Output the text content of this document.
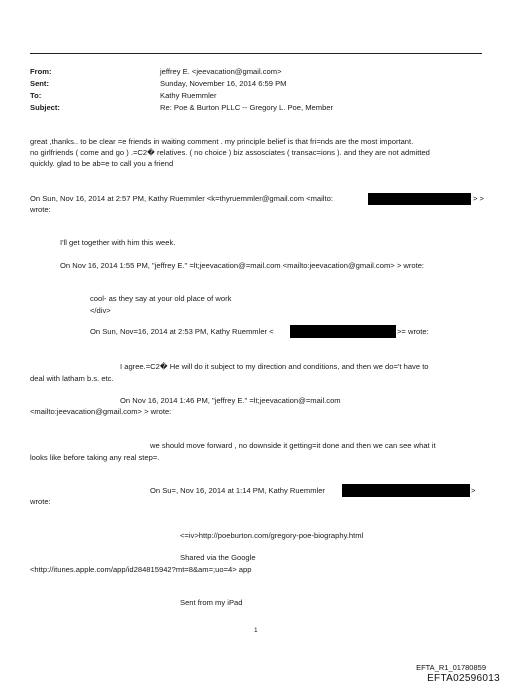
From:	jeffrey E. <jeevacation@gmail.com>
Sent:	Sunday, November 16, 2014 6:59 PM
To:	Kathy Ruemmler
Subject:	Re: Poe & Burton PLLC -- Gregory L. Poe, Member
great ,thanks.. to be clear =e friends in waiting comment . my principle belief is that fri=nds are the most important.
no girlfriends ( come and go ) .=C2� relatives. ( no choice ) biz assosciates ( transac=ions ). and they are not admitted
quickly. glad to be ab=e to call you a friend
On Sun, Nov 16, 2014 at 2:57 PM, Kathy Ruemmler <k=thyruemmler@gmail.com <mailto:	> >
wrote:
I'll get together with him this week.
On Nov 16, 2014 1:55 PM, "jeffrey E." =lt;jeevacation@=mail.com <mailto:jeevacation@gmail.com> > wrote:
cool- as they say at your old place of work
</div>
On Sun, Nov=16, 2014 at 2:53 PM, Kathy Ruemmler <	>= wrote:
I agree.=C2� He will do it subject to my direction and conditions, and then we do='t have to
deal with latham b.s. etc.
On Nov 16, 2014 1:46 PM, "jeffrey E." =lt;jeevacation@=mail.com
<mailto:jeevacation@gmail.com> > wrote:
we should move forward , no downside it getting=it done and then we can see what it
looks like before taking any real step=.
On Su=, Nov 16, 2014 at 1:14 PM, Kathy Ruemmler	>
wrote:
<=iv>http://poeburton.com/gregory-poe-biography.html
Shared via the Google
<http://itunes.apple.com/app/id284815942?mt=8&am=;uo=4> app
Sent from my iPad
1
EFTA_R1_01780859
EFTA02596013
